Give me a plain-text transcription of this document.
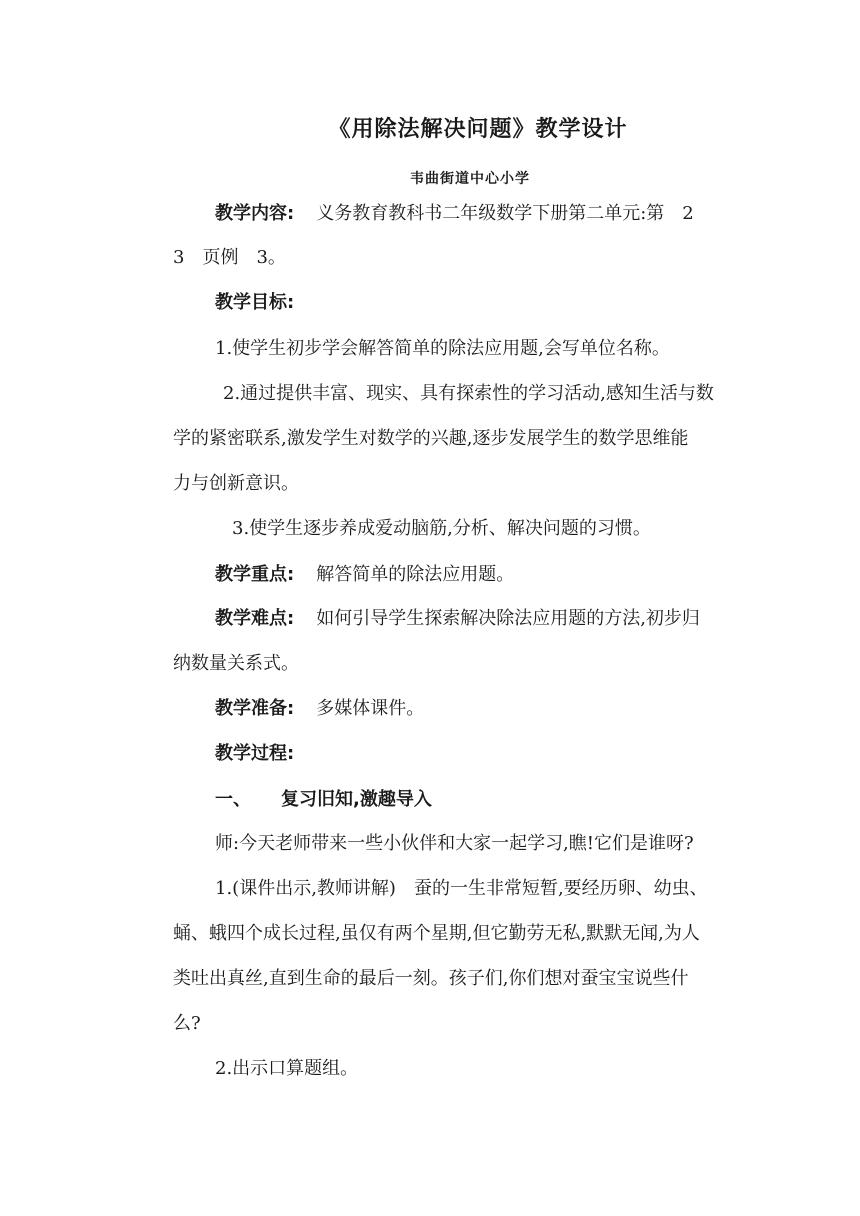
《用除法解决问题》教学设计
韦曲街道中心小学
教学内容: 义务教育教科书二年级数学下册第二单元:第　2
3　页例　3。
教学目标:
1.使学生初步学会解答简单的除法应用题,会写单位名称。
2.通过提供丰富、现实、具有探索性的学习活动,感知生活与数
学的紧密联系,激发学生对数学的兴趣,逐步发展学生的数学思维能
力与创新意识。
3.使学生逐步养成爱动脑筋,分析、解决问题的习惯。
教学重点: 解答简单的除法应用题。
教学难点: 如何引导学生探索解决除法应用题的方法,初步归
纳数量关系式。
教学准备: 多媒体课件。
教学过程:
一、 复习旧知,激趣导入
师:今天老师带来一些小伙伴和大家一起学习,瞧!它们是谁呀?
1.(课件出示,教师讲解)　蚕的一生非常短暂,要经历卵、幼虫、
蛹、蛾四个成长过程,虽仅有两个星期,但它勤劳无私,默默无闻,为人
类吐出真丝,直到生命的最后一刻。孩子们,你们想对蚕宝宝说些什
么?
2.出示口算题组。
